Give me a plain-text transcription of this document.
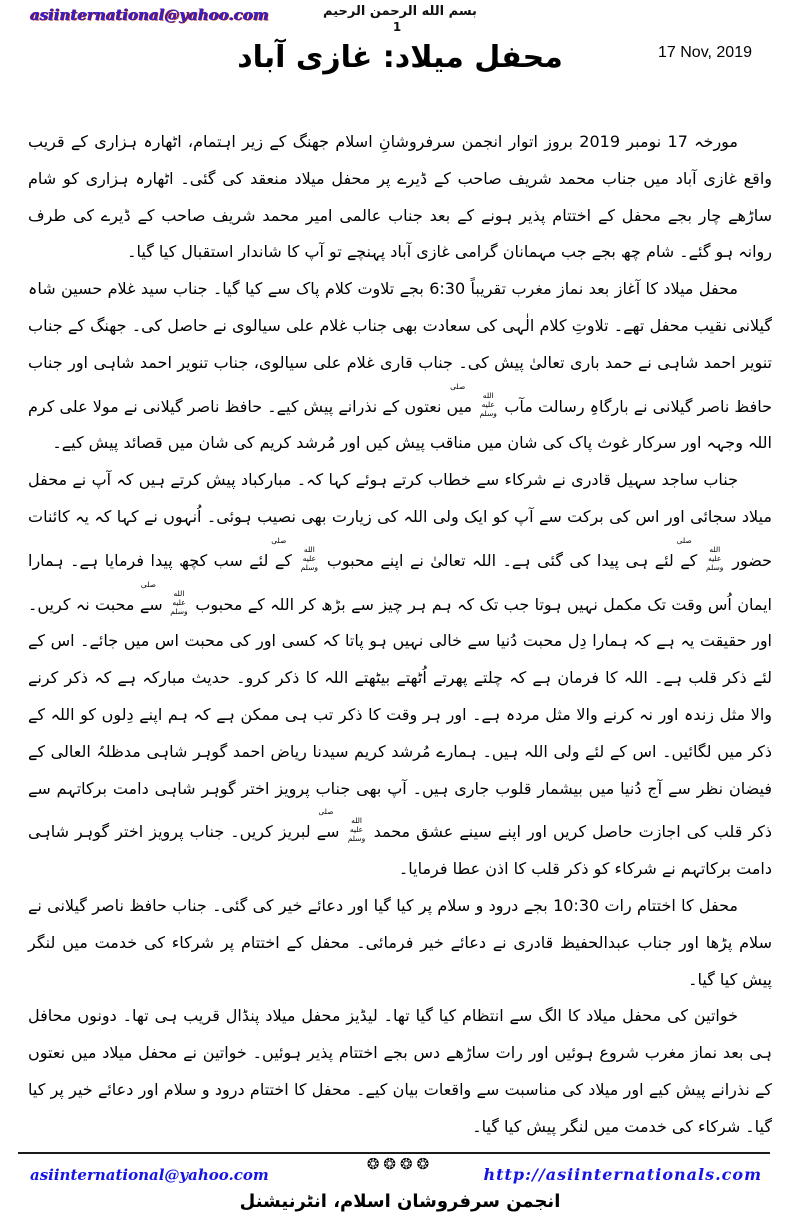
asiinternational@yahoo.com	بسم الله الرحمن الرحيم
1
17 Nov, 2019
محفل میلاد: غازی آباد

مورخہ 17 نومبر 2019 بروز اتوار انجمن سرفروشانِ اسلام جھنگ کے زیر اہتمام، اٹھارہ ہزاری کے قریب واقع غازی آباد میں جناب محمد شریف صاحب کے ڈیرے پر محفل میلاد منعقد کی گئی۔ اٹھارہ ہزاری کو شام ساڑھے چار بجے محفل کے اختتام پذیر ہونے کے بعد جناب عالمی امیر محمد شریف صاحب کے ڈیرے کی طرف روانہ ہو گئے۔ شام چھ بجے جب مہمانان گرامی غازی آباد پہنچے تو آپ کا شاندار استقبال کیا گیا۔

محفل میلاد کا آغاز بعد نماز مغرب تقریباً 6:30 بجے تلاوت کلام پاک سے کیا گیا۔ جناب سید غلام حسین شاہ گیلانی نقیب محفل تھے۔ تلاوتِ کلام الٰہی کی سعادت بھی جناب غلام علی سیالوی نے حاصل کی۔ جھنگ کے جناب تنویر احمد شاہی نے حمد باری تعالیٰ پیش کی۔ جناب قاری غلام علی سیالوی، جناب تنویر احمد شاہی اور جناب حافظ ناصر گیلانی نے بارگاہِ رسالت مآب صلى الله عليه وسلم میں نعتوں کے نذرانے پیش کیے۔ حافظ ناصر گیلانی نے مولا علی کرم اللہ وجہہ اور سرکار غوث پاک کی شان میں مناقب پیش کیں اور مُرشد کریم کی شان میں قصائد پیش کیے۔

جناب ساجد سہیل قادری نے شرکاء سے خطاب کرتے ہوئے کہا کہ۔ مبارکباد پیش کرتے ہیں کہ آپ نے محفل میلاد سجائی اور اس کی برکت سے آپ کو ایک ولی اللہ کی زیارت بھی نصیب ہوئی۔ اُنہوں نے کہا کہ یہ کائنات حضور صلى الله عليه وسلم کے لئے ہی پیدا کی گئی ہے۔ اللہ تعالیٰ نے اپنے محبوب صلى الله عليه وسلم کے لئے سب کچھ پیدا فرمایا ہے۔ ہمارا ایمان اُس وقت تک مکمل نہیں ہوتا جب تک کہ ہم ہر چیز سے بڑھ کر اللہ کے محبوب صلى الله عليه وسلم سے محبت نہ کریں۔ اور حقیقت یہ ہے کہ ہمارا دِل محبت دُنیا سے خالی نہیں ہو پاتا کہ کسی اور کی محبت اس میں جائے۔ اس کے لئے ذکر قلب ہے۔ اللہ کا فرمان ہے کہ چلتے پھرتے اُٹھتے بیٹھتے اللہ کا ذکر کرو۔ حدیث مبارکہ ہے کہ ذکر کرنے والا مثل زندہ اور نہ کرنے والا مثل مردہ ہے۔ اور ہر وقت کا ذکر تب ہی ممکن ہے کہ ہم اپنے دِلوں کو اللہ کے ذکر میں لگائیں۔ اس کے لئے ولی اللہ ہیں۔ ہمارے مُرشد کریم سیدنا ریاض احمد گوہر شاہی مدظلہُ العالی کے فیضان نظر سے آج دُنیا میں بیشمار قلوب جاری ہیں۔ آپ بھی جناب پرویز اختر گوہر شاہی دامت برکاتہم سے ذکر قلب کی اجازت حاصل کریں اور اپنے سینے عشق محمد صلى الله عليه وسلم سے لبریز کریں۔ جناب پرویز اختر گوہر شاہی دامت برکاتہم نے شرکاء کو ذکر قلب کا اذن عطا فرمایا۔

محفل کا اختتام رات 10:30 بجے درود و سلام پر کیا گیا اور دعائے خیر کی گئی۔ جناب حافظ ناصر گیلانی نے سلام پڑھا اور جناب عبدالحفیظ قادری نے دعائے خیر فرمائی۔ محفل کے اختتام پر شرکاء کی خدمت میں لنگر پیش کیا گیا۔

خواتین کی محفل میلاد کا الگ سے انتظام کیا گیا تھا۔ لیڈیز محفل میلاد پنڈال قریب ہی تھا۔ دونوں محافل ہی بعد نماز مغرب شروع ہوئیں اور رات ساڑھے دس بجے اختتام پذیر ہوئیں۔ خواتین نے محفل میلاد میں نعتوں کے نذرانے پیش کیے اور میلاد کی مناسبت سے واقعات بیان کیے۔ محفل کا اختتام درود و سلام اور دعائے خیر پر کیا گیا۔ شرکاء کی خدمت میں لنگر پیش کیا گیا۔

❂❂❂❂
انجمن سرفروشان اسلام، انٹرنیشنل
asiinternational@yahoo.com	http://asiinternationals.com
